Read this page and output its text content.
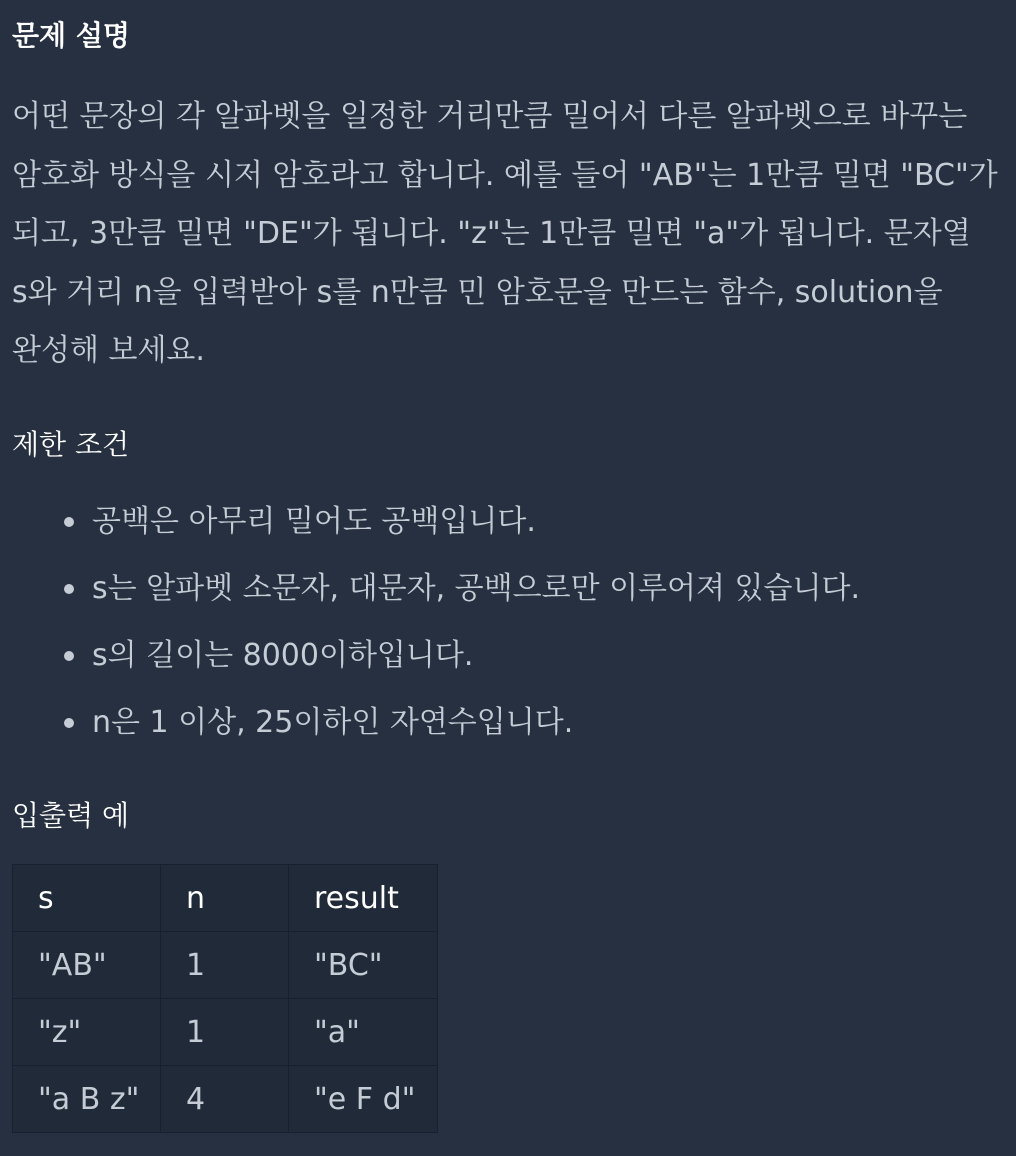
문제 설명

어떤 문장의 각 알파벳을 일정한 거리만큼 밀어서 다른 알파벳으로 바꾸는 암호화 방식을 시저 암호라고 합니다. 예를 들어 "AB"는 1만큼 밀면 "BC"가 되고, 3만큼 밀면 "DE"가 됩니다. "z"는 1만큼 밀면 "a"가 됩니다. 문자열 s와 거리 n을 입력받아 s를 n만큼 민 암호문을 만드는 함수, solution을 완성해 보세요.

제한 조건
공백은 아무리 밀어도 공백입니다.
s는 알파벳 소문자, 대문자, 공백으로만 이루어져 있습니다.
s의 길이는 8000이하입니다.
n은 1 이상, 25이하인 자연수입니다.
입출력 예
s	n	result
"AB"	1	"BC"
"z"	1	"a"
"a B z"	4	"e F d"
